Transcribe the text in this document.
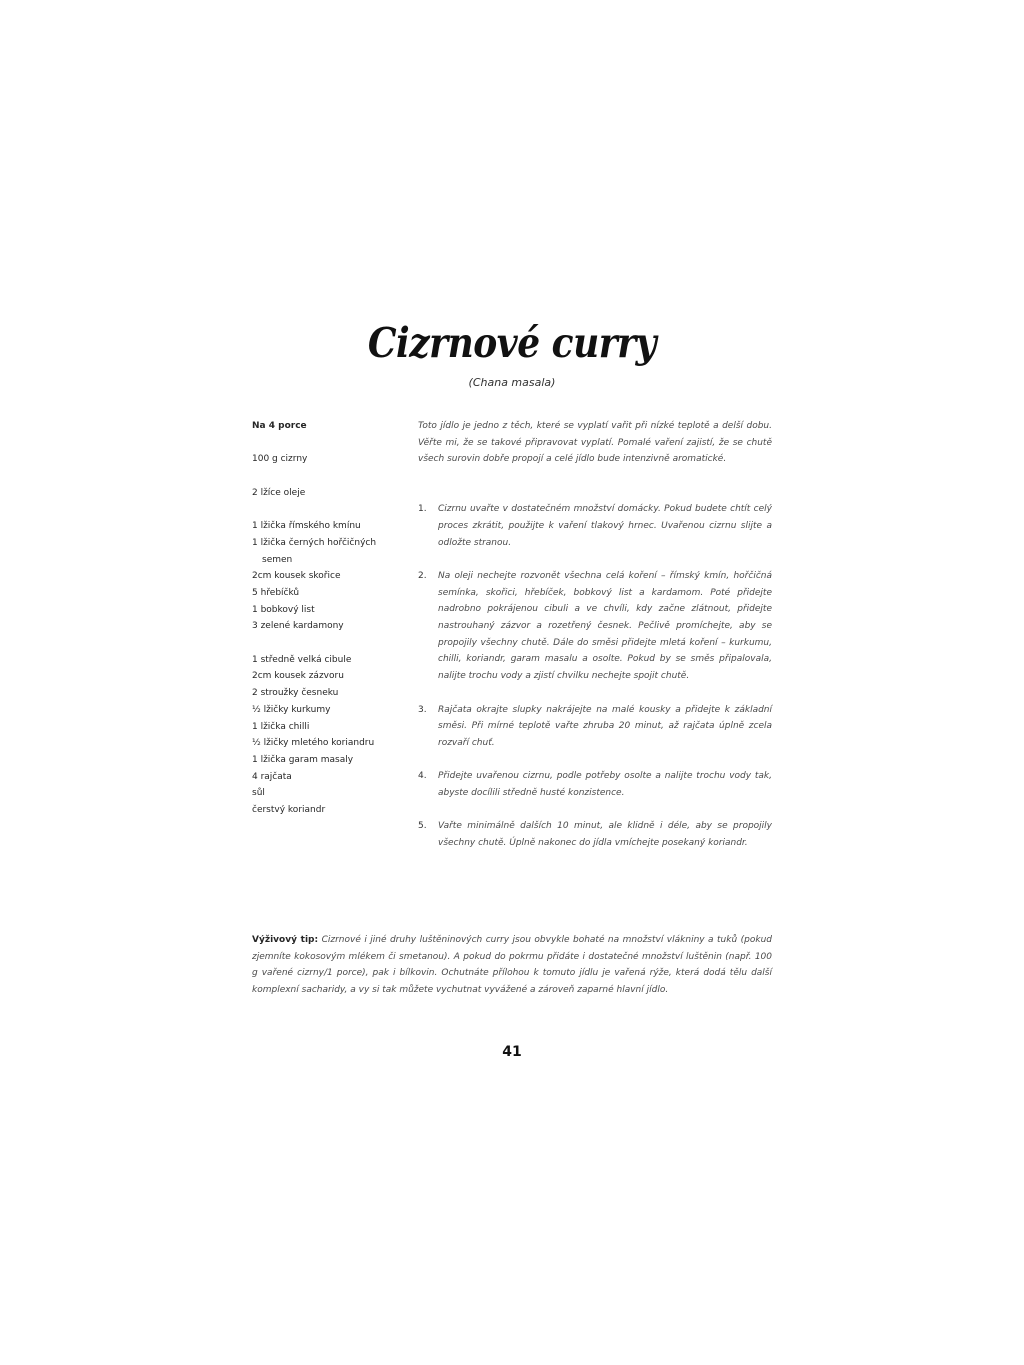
Cizrnové curry
(Chana masala)
Na 4 porce
100 g cizrny
2 lžíce oleje
1 lžička římského kmínu
1 lžička černých hořčičných
semen
2cm kousek skořice
5 hřebíčků
1 bobkový list
3 zelené kardamony
1 středně velká cibule
2cm kousek zázvoru
2 stroužky česneku
½ lžičky kurkumy
1 lžička chilli
½ lžičky mletého koriandru
1 lžička garam masaly
4 rajčata
sůl
čerstvý koriandr

Toto jídlo je jedno z těch, které se vyplatí vařit při nízké teplotě a delší dobu. Věřte mi, že se takové připravovat vyplatí. Pomalé vaření zajistí, že se chutě všech surovin dobře propojí a celé jídlo bude intenzivně aromatické.

1.	Cizrnu uvařte v dostatečném množství domácky. Pokud budete chtít celý proces zkrátit, použijte k vaření tlakový hrnec. Uvařenou cizrnu slijte a odložte stranou.
2.	Na oleji nechejte rozvonět všechna celá koření – římský kmín, hořčičná semínka, skořici, hřebíček, bobkový list a kardamom. Poté přidejte nadrobno pokrájenou cibuli a ve chvíli, kdy začne zlátnout, přidejte nastrouhaný zázvor a rozetřený česnek. Pečlivě promíchejte, aby se propojily všechny chutě. Dále do směsi přidejte mletá koření – kurkumu, chilli, koriandr, garam masalu a osolte. Pokud by se směs připalovala, nalijte trochu vody a zjistí chvilku nechejte spojit chutě.
3.	Rajčata okrajte slupky nakrájejte na malé kousky a přidejte k základní směsi. Při mírné teplotě vařte zhruba 20 minut, až rajčata úplně zcela rozvaří chuť.
4.	Přidejte uvařenou cizrnu, podle potřeby osolte a nalijte trochu vody tak, abyste docílili středně husté konzistence.
5.	Vařte minimálně dalších 10 minut, ale klidně i déle, aby se propojily všechny chutě. Úplně nakonec do jídla vmíchejte posekaný koriandr.
Výživový tip: Cizrnové i jiné druhy luštěninových curry jsou obvykle bohaté na množství vlákniny a tuků (pokud zjemníte kokosovým mlékem či smetanou). A pokud do pokrmu přidáte i dostatečné množství luštěnin (např. 100 g vařené cizrny/1 porce), pak i bílkovin. Ochutnáte přílohou k tomuto jídlu je vařená rýže, která dodá tělu další komplexní sacharidy, a vy si tak můžete vychutnat vyvážené a zároveň zaparné hlavní jídlo.
41
